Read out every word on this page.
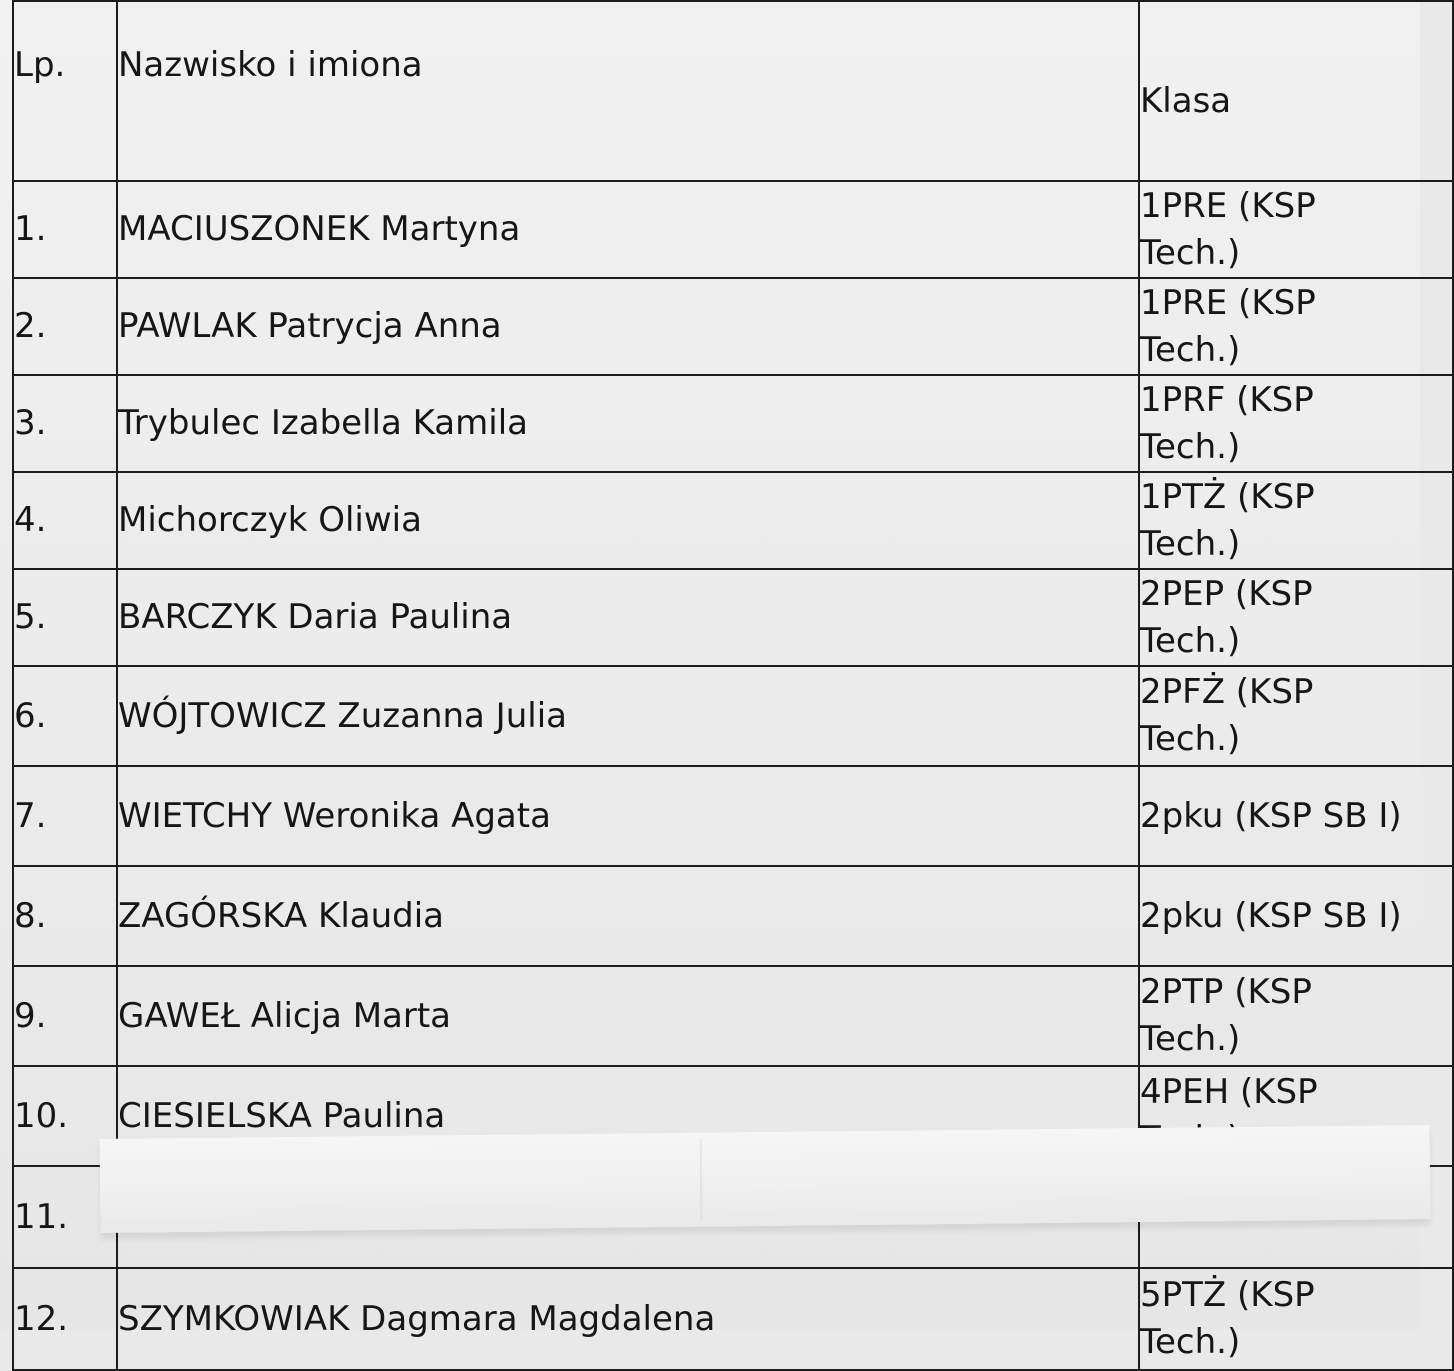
Lp.	Nazwisko i imiona	Klasa
1.	MACIUSZONEK Martyna	1PRE (KSP Tech.)

2.	PAWLAK Patrycja Anna	1PRE (KSP Tech.)

3.	Trybulec Izabella Kamila	1PRF (KSP Tech.)

4.	Michorczyk Oliwia	1PTŻ (KSP Tech.)

5.	BARCZYK Daria Paulina	2PEP (KSP Tech.)

6.	WÓJTOWICZ Zuzanna Julia	2PFŻ (KSP Tech.)

7.	WIETCHY Weronika Agata	2pku (KSP SB I)
8.	ZAGÓRSKA Klaudia	2pku (KSP SB I)
9.	GAWEŁ Alicja Marta	2PTP (KSP Tech.)

10.	CIESIELSKA Paulina	4PEH (KSP

11.		
12.	SZYMKOWIAK Dagmara Magdalena	5PTŻ (KSP Tech.)
